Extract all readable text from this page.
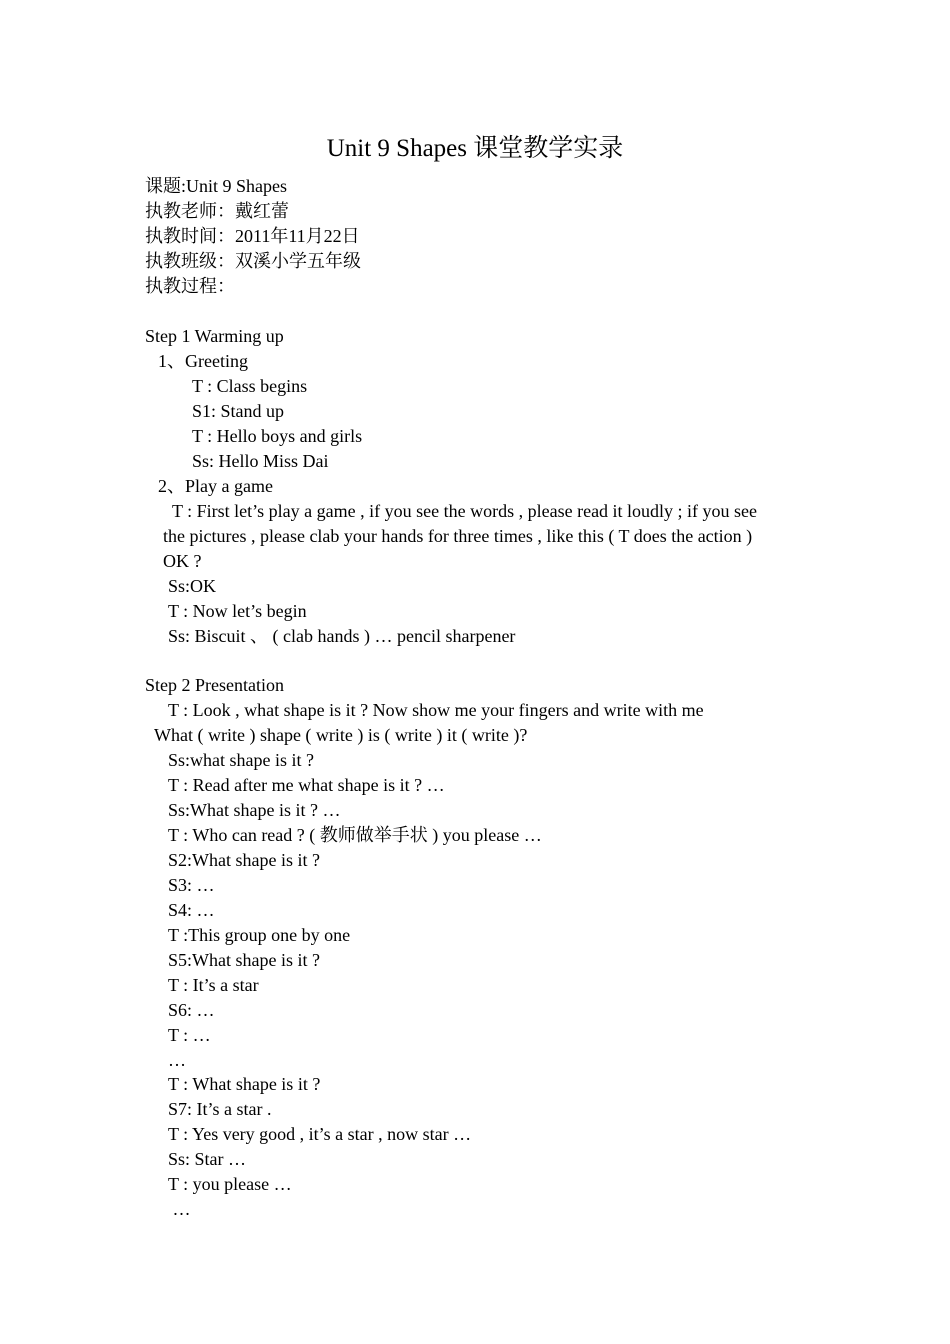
Unit 9 Shapes 课堂教学实录
课题:Unit 9 Shapes
执教老师：戴红蕾
执教时间：2011年11月22日
执教班级：双溪小学五年级
执教过程：
Step 1 Warming up
1、Greeting
T : Class begins
S1: Stand up
T : Hello boys and girls
Ss: Hello Miss Dai
2、Play a game
T : First let’s play a game , if you see the words , please read it loudly ; if you see
the pictures , please clab your hands for three times , like this ( T does the action )
OK ?
Ss:OK
T : Now let’s begin
Ss: Biscuit 、 ( clab hands ) … pencil sharpener
Step 2 Presentation
T : Look , what shape is it ? Now show me your fingers and write with me
What ( write ) shape ( write ) is ( write ) it ( write )?
Ss:what shape is it ?
T : Read after me what shape is it ? …
Ss:What shape is it ? …
T : Who can read ? ( 教师做举手状 ) you please …
S2:What shape is it ?
S3: …
S4: …
T :This group one by one
S5:What shape is it ?
T : It’s a star
S6: …
T : …
…
T : What shape is it ?
S7: It’s a star .
T : Yes very good , it’s a star , now star …
Ss: Star …
T : you please …
…
